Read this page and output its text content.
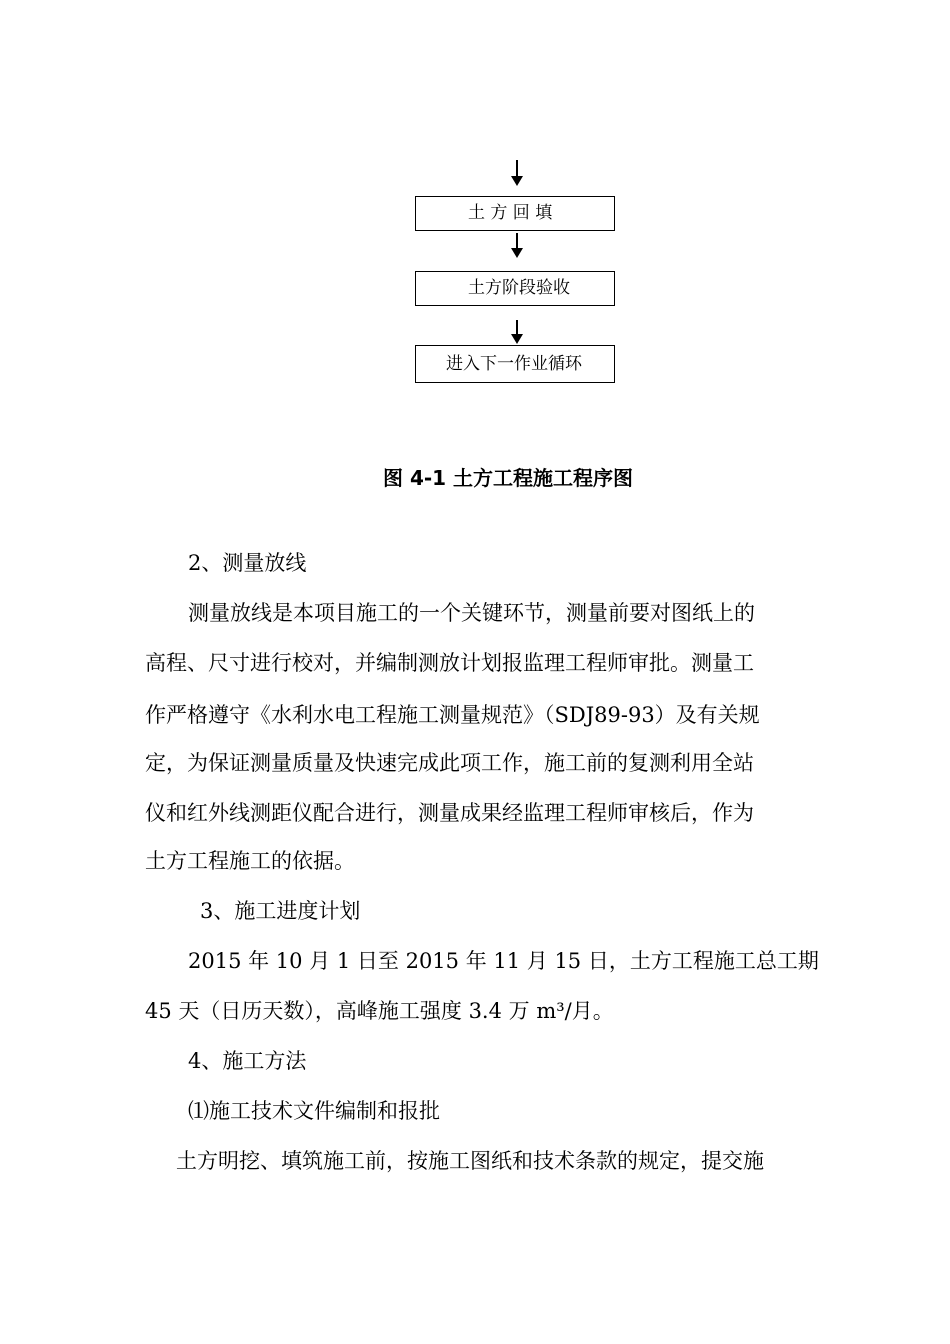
土 方 回 填
土方阶段验收
进入下一作业循环
图 4-1 土方工程施工程序图
2、测量放线
测量放线是本项目施工的一个关键环节，测量前要对图纸上的
高程、尺寸进行校对，并编制测放计划报监理工程师审批。测量工
作严格遵守《水利水电工程施工测量规范》（SDJ89-93）及有关规
定，为保证测量质量及快速完成此项工作，施工前的复测利用全站
仪和红外线测距仪配合进行，测量成果经监理工程师审核后，作为
土方工程施工的依据。
3、施工进度计划
2015 年 10 月 1 日至 2015 年 11 月 15 日，土方工程施工总工期
45 天（日历天数），高峰施工强度 3.4 万 m³/月。
4、施工方法
⑴施工技术文件编制和报批
土方明挖、填筑施工前，按施工图纸和技术条款的规定，提交施
